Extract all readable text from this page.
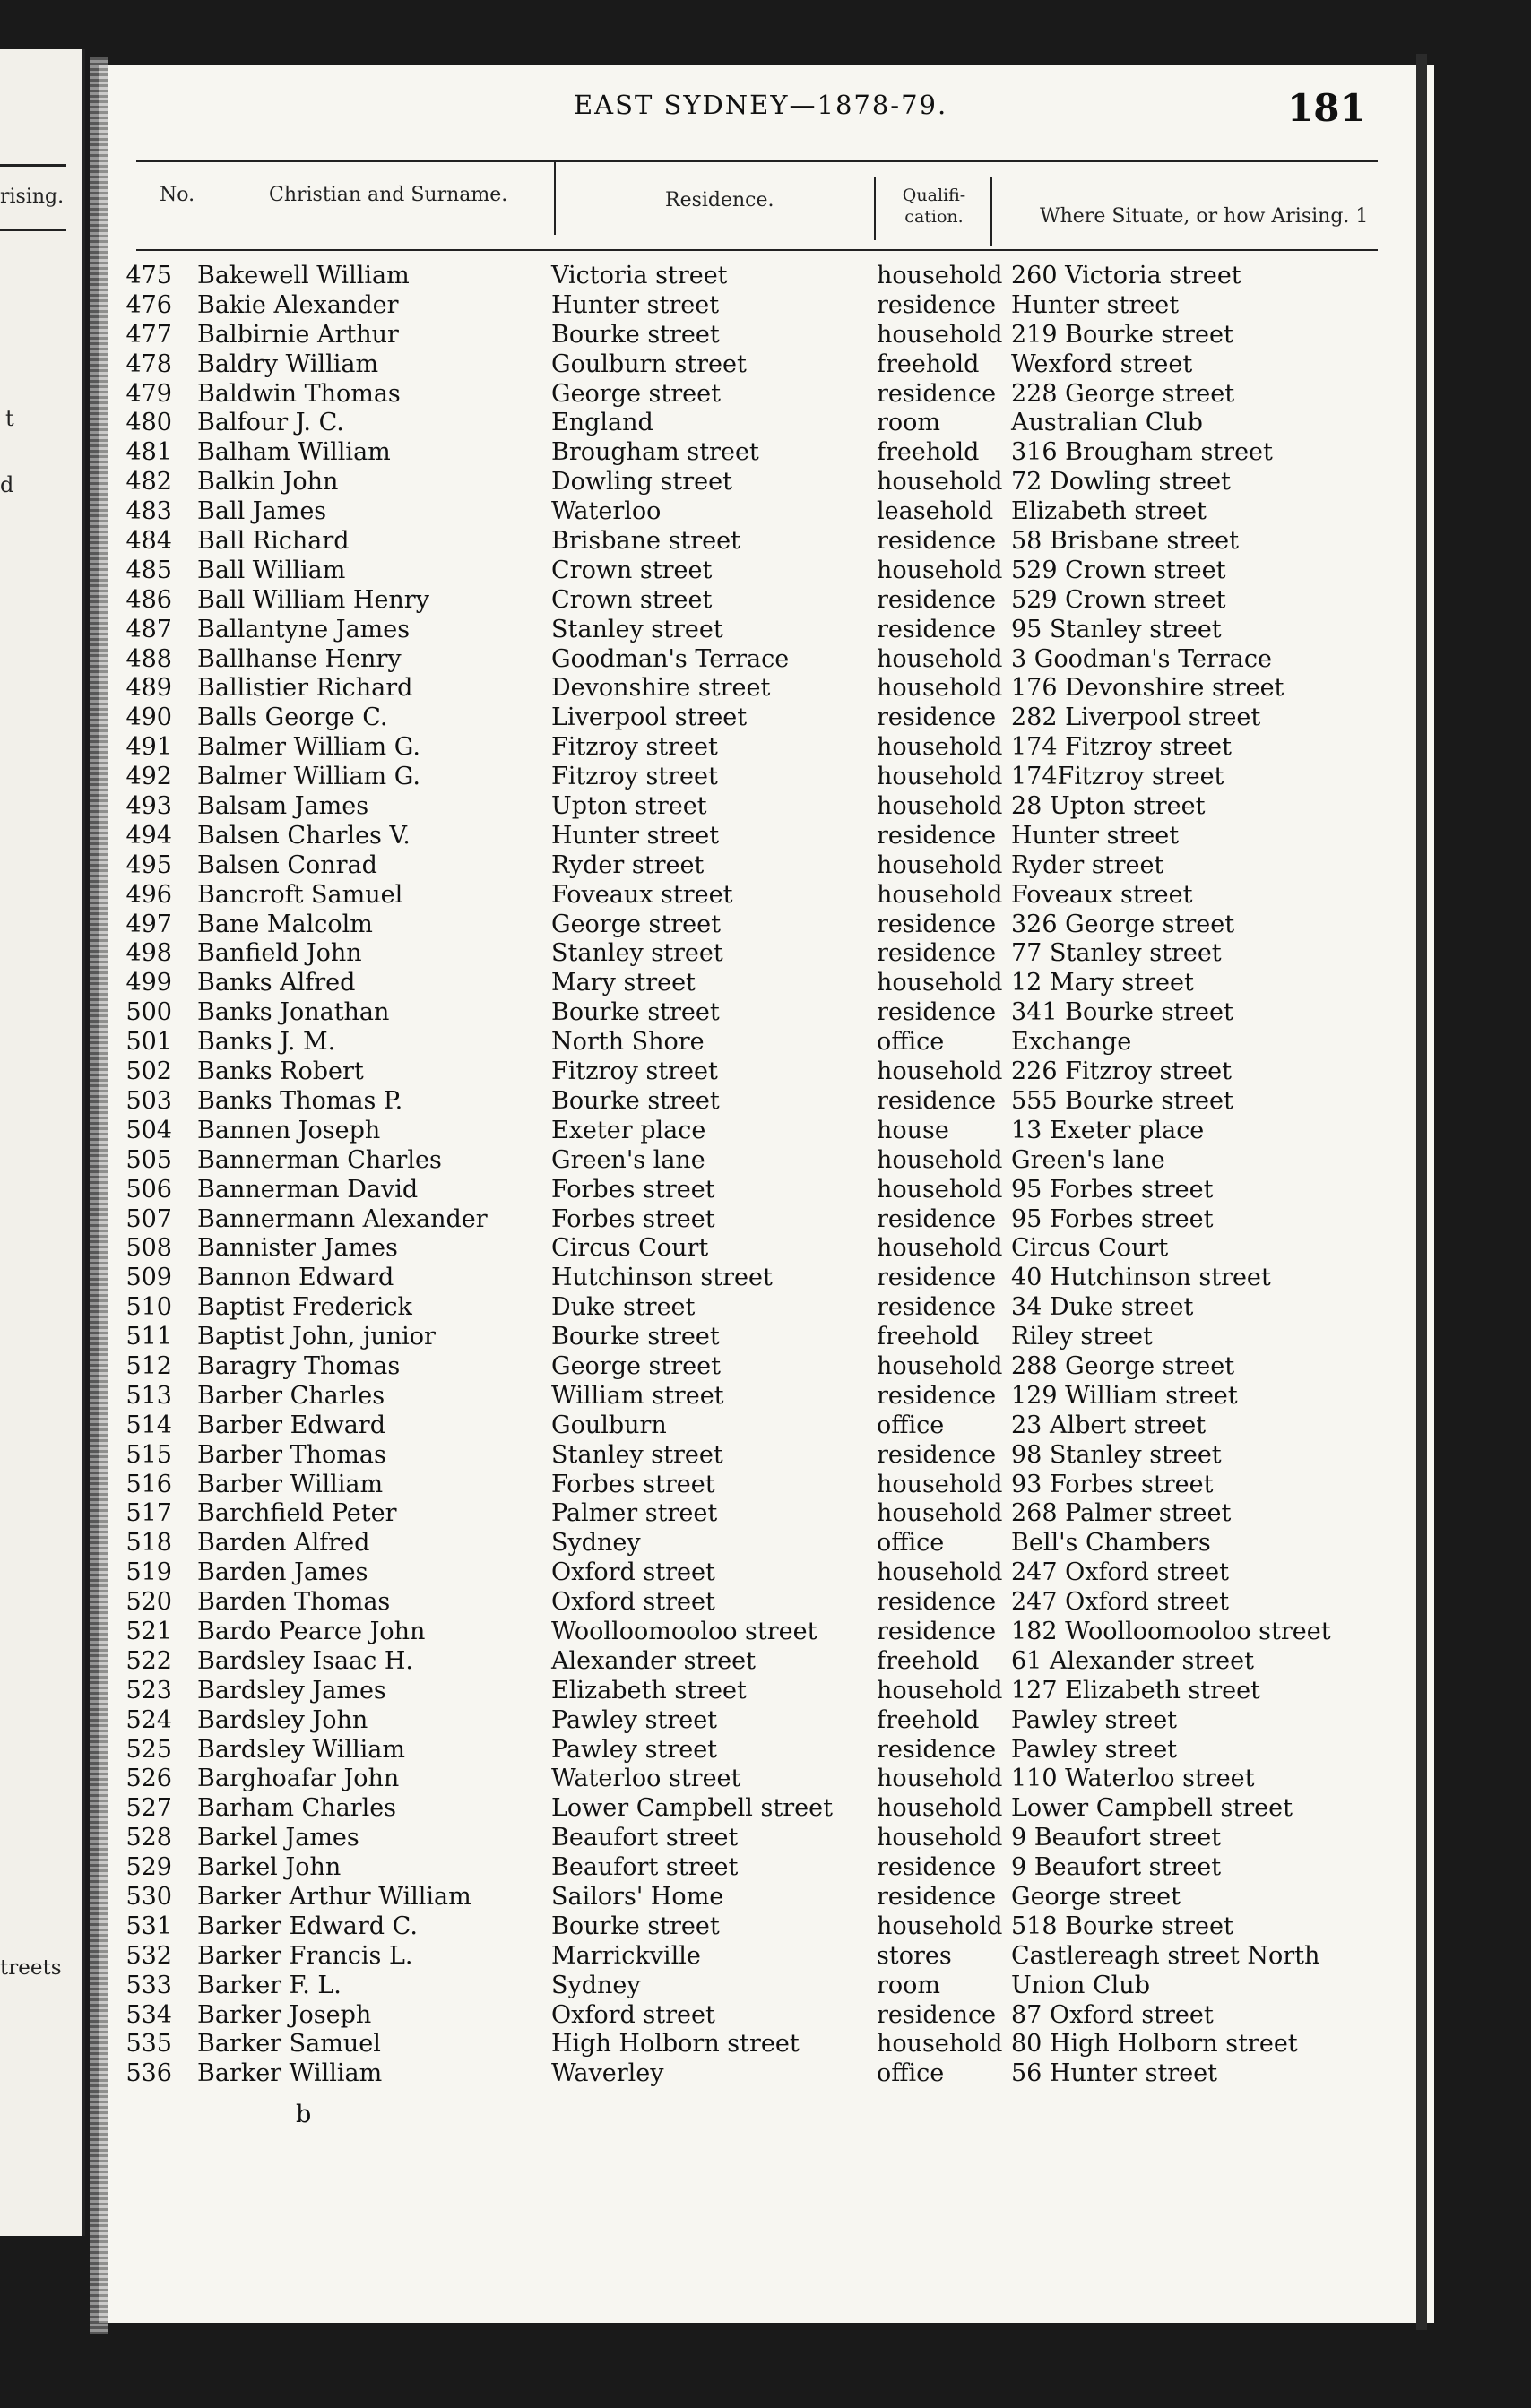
rising.
t
d
treets
EAST SYDNEY—1878-79.	181
No.	Christian and Surname.	Residence.	Qualifi-
cation.	Where Situate, or how Arising. 1
475 Bakewell William	Victoria street	household 260 Victoria street
476 Bakie Alexander	Hunter street	residence Hunter street
477 Balbirnie Arthur	Bourke street	household 219 Bourke street
478 Baldry William	Goulburn street	freehold Wexford street
479 Baldwin Thomas	George street	residence 228 George street
480 Balfour J. C.	England	room	Australian Club
481 Balham William	Brougham street	freehold 316 Brougham street
482 Balkin John	Dowling street	household 72 Dowling street
483 Ball James	Waterloo	leasehold Elizabeth street
484 Ball Richard	Brisbane street	residence 58 Brisbane street
485 Ball William	Crown street	household 529 Crown street
486 Ball William Henry	Crown street	residence 529 Crown street
487 Ballantyne James	Stanley street	residence 95 Stanley street
488 Ballhanse Henry	Goodman's Terrace	household 3 Goodman's Terrace
489 Ballistier Richard	Devonshire street	household 176 Devonshire street
490 Balls George C.	Liverpool street	residence 282 Liverpool street
491 Balmer William G.	Fitzroy street	household 174 Fitzroy street
492 Balmer William G.	Fitzroy street	household 174Fitzroy street
493 Balsam James	Upton street	household 28 Upton street
494 Balsen Charles V.	Hunter street	residence Hunter street
495 Balsen Conrad	Ryder street	household Ryder street
496 Bancroft Samuel	Foveaux street	household Foveaux street
497 Bane Malcolm	George street	residence 326 George street
498 Banfield John	Stanley street	residence 77 Stanley street
499 Banks Alfred	Mary street	household 12 Mary street
500 Banks Jonathan	Bourke street	residence 341 Bourke street
501 Banks J. M.	North Shore	office	Exchange
502 Banks Robert	Fitzroy street	household 226 Fitzroy street
503 Banks Thomas P.	Bourke street	residence 555 Bourke street
504 Bannen Joseph	Exeter place	house	13 Exeter place
505 Bannerman Charles	Green's lane	household Green's lane
506 Bannerman David	Forbes street	household 95 Forbes street
507 Bannermann Alexander	Forbes street	residence 95 Forbes street
508 Bannister James	Circus Court	household Circus Court
509 Bannon Edward	Hutchinson street	residence 40 Hutchinson street
510 Baptist Frederick	Duke street	residence 34 Duke street
511 Baptist John, junior	Bourke street	freehold Riley street
512 Baragry Thomas	George street	household 288 George street
513 Barber Charles	William street	residence 129 William street
514 Barber Edward	Goulburn	office	23 Albert street
515 Barber Thomas	Stanley street	residence 98 Stanley street
516 Barber William	Forbes street	household 93 Forbes street
517 Barchfield Peter	Palmer street	household 268 Palmer street
518 Barden Alfred	Sydney	office	Bell's Chambers
519 Barden James	Oxford street	household 247 Oxford street
520 Barden Thomas	Oxford street	residence 247 Oxford street
521 Bardo Pearce John	Woolloomooloo street residence 182 Woolloomooloo street
522 Bardsley Isaac H.	Alexander street	freehold 61 Alexander street
523 Bardsley James	Elizabeth street	household 127 Elizabeth street
524 Bardsley John	Pawley street	freehold Pawley street
525 Bardsley William	Pawley street	residence Pawley street
526 Barghoafar John	Waterloo street	household 110 Waterloo street
527 Barham Charles	Lower Campbell street household Lower Campbell street
528 Barkel James	Beaufort street	household 9 Beaufort street
529 Barkel John	Beaufort street	residence 9 Beaufort street
530 Barker Arthur William	Sailors' Home	residence George street
531 Barker Edward C.	Bourke street	household 518 Bourke street
532 Barker Francis L.	Marrickville	stores Castlereagh street North
533 Barker F. L.	Sydney	room	Union Club
534 Barker Joseph	Oxford street	residence 87 Oxford street
535 Barker Samuel	High Holborn street	household 80 High Holborn street
536 Barker William	Waverley	office	56 Hunter street
b
